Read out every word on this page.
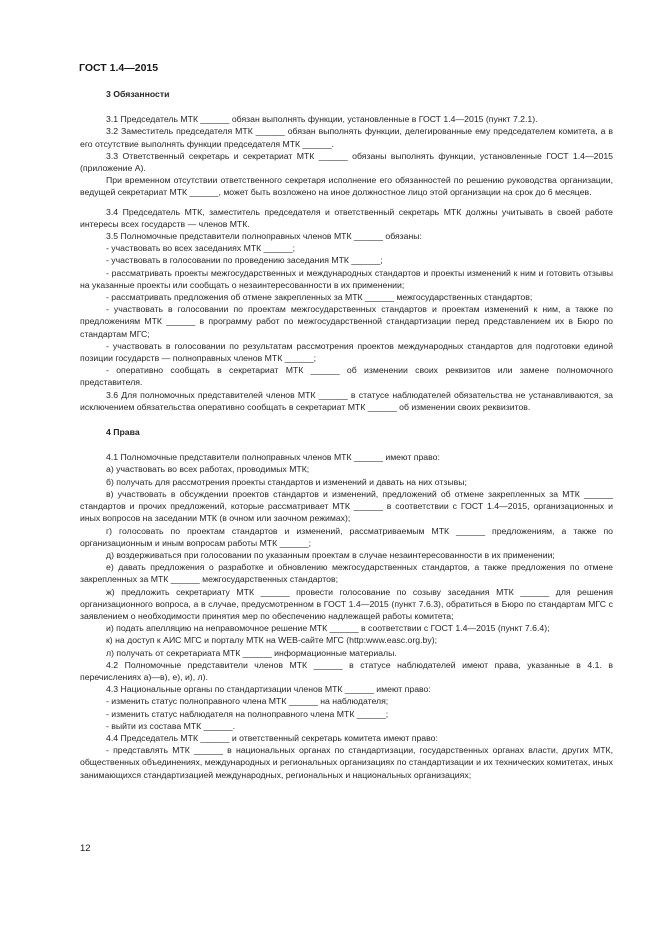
ГОСТ 1.4—2015
3 Обязанности

3.1 Председатель МТК ______ обязан выполнять функции, установленные в ГОСТ 1.4—2015 (пункт 7.2.1).

3.2 Заместитель председателя МТК ______ обязан выполнять функции, делегированные ему председателем комитета, а в его отсутствие выполнять функции председателя МТК ______.

3.3 Ответственный секретарь и секретариат МТК ______ обязаны выполнять функции, установленные ГОСТ 1.4—2015 (приложение А).

При временном отсутствии ответственного секретаря исполнение его обязанностей по решению руководства организации, ведущей секретариат МТК ______, может быть возложено на иное должностное лицо этой организации на срок до 6 месяцев.

3.4 Председатель МТК, заместитель председателя и ответственный секретарь МТК должны учитывать в своей работе интересы всех государств — членов МТК.

3.5 Полномочные представители полноправных членов МТК ______ обязаны:

- участвовать во всех заседаниях МТК ______;

- участвовать в голосовании по проведению заседания МТК ______;

- рассматривать проекты межгосударственных и международных стандартов и проекты изменений к ним и готовить отзывы на указанные проекты или сообщать о незаинтересованности в их применении;

- рассматривать предложения об отмене закрепленных за МТК ______ межгосударственных стандартов;

- участвовать в голосовании по проектам межгосударственных стандартов и проектам изменений к ним, а также по предложениям МТК ______ в программу работ по межгосударственной стандартизации перед представлением их в Бюро по стандартам МГС;

- участвовать в голосовании по результатам рассмотрения проектов международных стандартов для подготовки единой позиции государств — полноправных членов МТК ______;

- оперативно сообщать в секретариат МТК ______ об изменении своих реквизитов или замене полномочного представителя.

3.6 Для полномочных представителей членов МТК ______ в статусе наблюдателей обязательства не устанавливаются, за исключением обязательства оперативно сообщать в секретариат МТК ______ об изменении своих реквизитов.

4 Права

4.1 Полномочные представители полноправных членов МТК ______ имеют право:

а) участвовать во всех работах, проводимых МТК;

б) получать для рассмотрения проекты стандартов и изменений и давать на них отзывы;

в) участвовать в обсуждении проектов стандартов и изменений, предложений об отмене закрепленных за МТК ______ стандартов и прочих предложений, которые рассматривает МТК ______ в соответствии с ГОСТ 1.4—2015, организационных и иных вопросов на заседании МТК (в очном или заочном режимах);

г) голосовать по проектам стандартов и изменений, рассматриваемым МТК ______ предложениям, а также по организационным и иным вопросам работы МТК ______;

д) воздерживаться при голосовании по указанным проектам в случае незаинтересованности в их применении;

е) давать предложения о разработке и обновлению межгосударственных стандартов, а также предложения по отмене закрепленных за МТК ______ межгосударственных стандартов;

ж) предложить секретариату МТК ______ провести голосование по созыву заседания МТК ______ для решения организационного вопроса, а в случае, предусмотренном в ГОСТ 1.4—2015 (пункт 7.6.3), обратиться в Бюро по стандартам МГС с заявлением о необходимости принятия мер по обеспечению надлежащей работы комитета;

и) подать апелляцию на неправомочное решение МТК ______ в соответствии с ГОСТ 1.4—2015 (пункт 7.6.4);

к) на доступ к АИС МГС и порталу МТК на WEB-сайте МГС (http:www.easc.org.by);

л) получать от секретариата МТК ______ информационные материалы.

4.2 Полномочные представители членов МТК ______ в статусе наблюдателей имеют права, указанные в 4.1. в перечислениях а)—в), е), и), л).

4.3 Национальные органы по стандартизации членов МТК ______ имеют право:

- изменить статус полноправного члена МТК ______ на наблюдателя;

- изменить статус наблюдателя на полноправного члена МТК ______;

- выйти из состава МТК ______.

4.4 Председатель МТК ______ и ответственный секретарь комитета имеют право:

- представлять МТК ______ в национальных органах по стандартизации, государственных органах власти, других МТК, общественных объединениях, международных и региональных организациях по стандартизации и их технических комитетах, иных занимающихся стандартизацией международных, региональных и национальных организациях;

12
